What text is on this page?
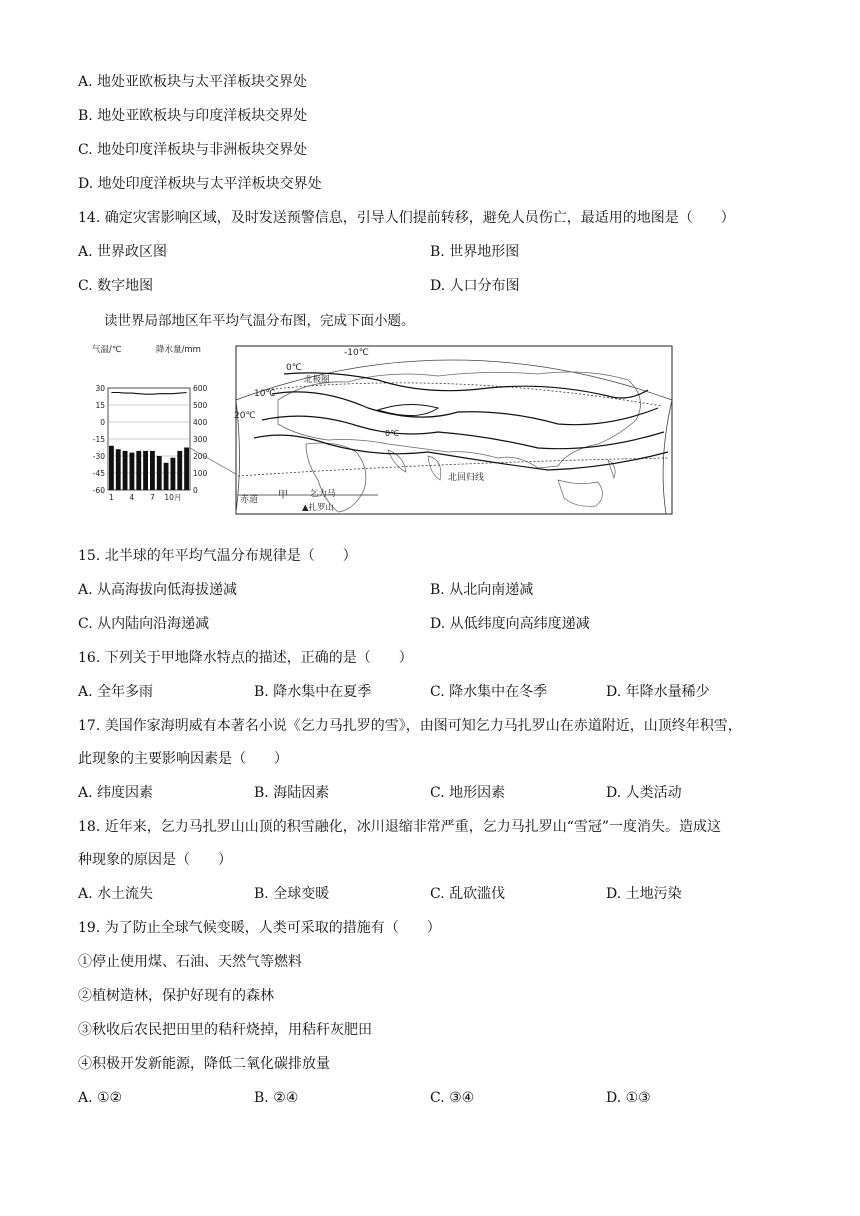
A. 地处亚欧板块与太平洋板块交界处
B. 地处亚欧板块与印度洋板块交界处
C. 地处印度洋板块与非洲板块交界处
D. 地处印度洋板块与太平洋板块交界处
14. 确定灾害影响区域，及时发送预警信息，引导人们提前转移，避免人员伤亡，最适用的地图是（　　）
A. 世界政区图	B. 世界地形图
C. 数字地图	D. 人口分布图
读世界局部地区年平均气温分布图，完成下面小题。
气温/℃	降水量/mm
30
15
0
-15
-30
-45
-60
600
500
400
300
200
100
0
1 4 7 10月
-10℃
0℃
北极圈
10℃
20℃
0℃
北回归线
赤道 甲	乞力马
▲扎罗山
15. 北半球的年平均气温分布规律是（　　）
A. 从高海拔向低海拔递减	B. 从北向南递减
C. 从内陆向沿海递减	D. 从低纬度向高纬度递减
16. 下列关于甲地降水特点的描述，正确的是（　　）
A. 全年多雨	B. 降水集中在夏季	C. 降水集中在冬季	D. 年降水量稀少
17. 美国作家海明威有本著名小说《乞力马扎罗的雪》，由图可知乞力马扎罗山在赤道附近，山顶终年积雪，
此现象的主要影响因素是（　　）
A. 纬度因素	B. 海陆因素	C. 地形因素	D. 人类活动
18. 近年来，乞力马扎罗山山顶的积雪融化，冰川退缩非常严重，乞力马扎罗山“雪冠”一度消失。造成这
种现象的原因是（　　）
A. 水土流失	B. 全球变暖	C. 乱砍滥伐	D. 土地污染
19. 为了防止全球气候变暖，人类可采取的措施有（　　）
①停止使用煤、石油、天然气等燃料
②植树造林，保护好现有的森林
③秋收后农民把田里的秸秆烧掉，用秸秆灰肥田
④积极开发新能源，降低二氧化碳排放量
A. ①②	B. ②④	C. ③④	D. ①③
